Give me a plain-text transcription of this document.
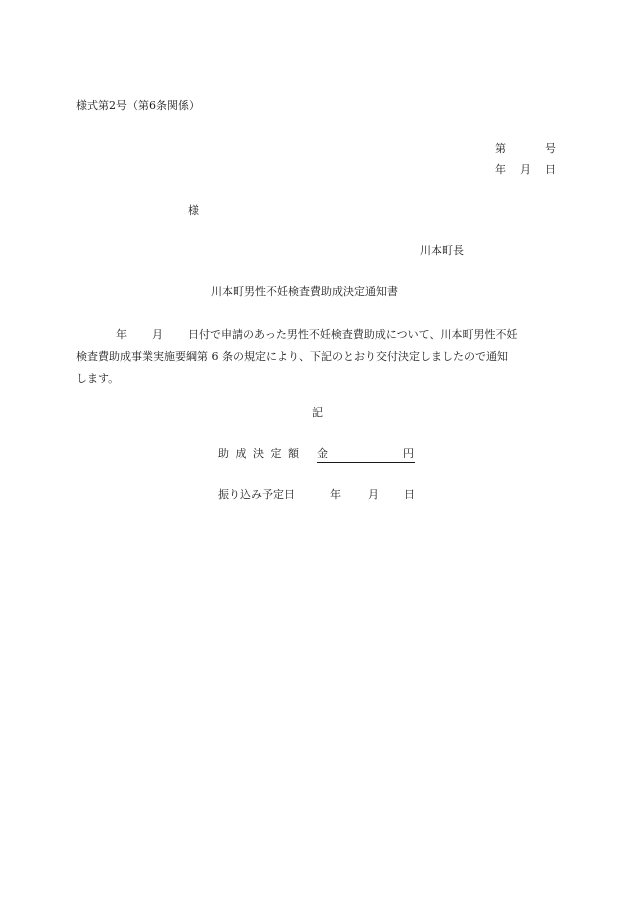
様式第2号（第6条関係）
第	号
年 月 日
様
川本町長
川本町男性不妊検査費助成決定通知書
年 月 日付で申請のあった男性不妊検査費助成について、川本町男性不妊
検査費助成事業実施要綱第 6 条の規定により、下記のとおり交付決定しましたので通知
します。
記
助 成 決 定 額 金	円
振り込み予定日	年 月 日
